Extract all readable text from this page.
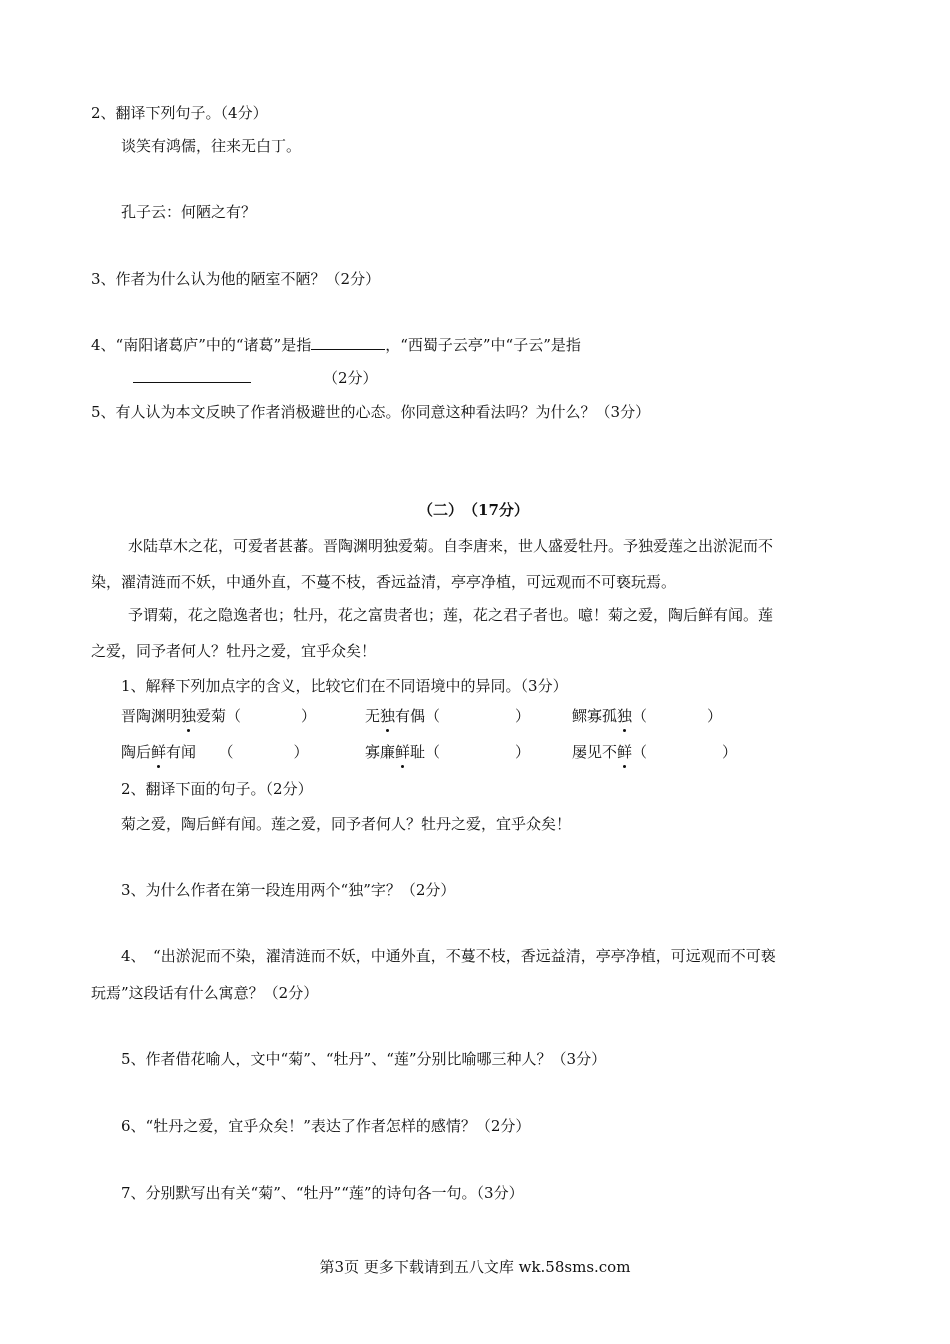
2、翻译下列句子。（4分）
谈笑有鸿儒，往来无白丁。
孔子云：何陋之有？
3、作者为什么认为他的陋室不陋？（2分）
4、“南阳诸葛庐”中的“诸葛”是指	，“西蜀子云亭”中“子云”是指
（2分）
5、有人认为本文反映了作者消极避世的心态。你同意这种看法吗？为什么？（3分）
（二）　（17分）
水陆草木之花，可爱者甚蕃。晋陶渊明独爱菊。自李唐来，世人盛爱牡丹。予独爱莲之出淤泥而不
染，濯清涟而不妖，中通外直，不蔓不枝，香远益清，亭亭净植，可远观而不可亵玩焉。
予谓菊，花之隐逸者也；牡丹，花之富贵者也；莲，花之君子者也。噫！菊之爱，陶后鲜有闻。莲
之爱，同予者何人？牡丹之爱，宜乎众矣！
1、解释下列加点字的含义，比较它们在不同语境中的异同。（3分）
晋陶渊明独爱菊（　　　　）	无独有偶（　　　　　）	鳏寡孤独（　　　　）
陶后鲜有闻　　（　　　　）	寡廉鲜耻（　　　　　）	屡见不鲜（　　　　　）
2、翻译下面的句子。（2分）
菊之爱，陶后鲜有闻。莲之爱，同予者何人？牡丹之爱，宜乎众矣！
3、为什么作者在第一段连用两个“独”字？（2分）
4、　“出淤泥而不染，濯清涟而不妖，中通外直，不蔓不枝，香远益清，亭亭净植，可远观而不可亵
玩焉”这段话有什么寓意？（2分）
5、作者借花喻人，文中“菊”、“牡丹”、“莲”分别比喻哪三种人？（3分）
6、“牡丹之爱，宜乎众矣！”表达了作者怎样的感情？（2分）
7、分别默写出有关“菊”、“牡丹”“莲”的诗句各一句。（3分）
第3页 更多下载请到五八文库 wk.58sms.com
